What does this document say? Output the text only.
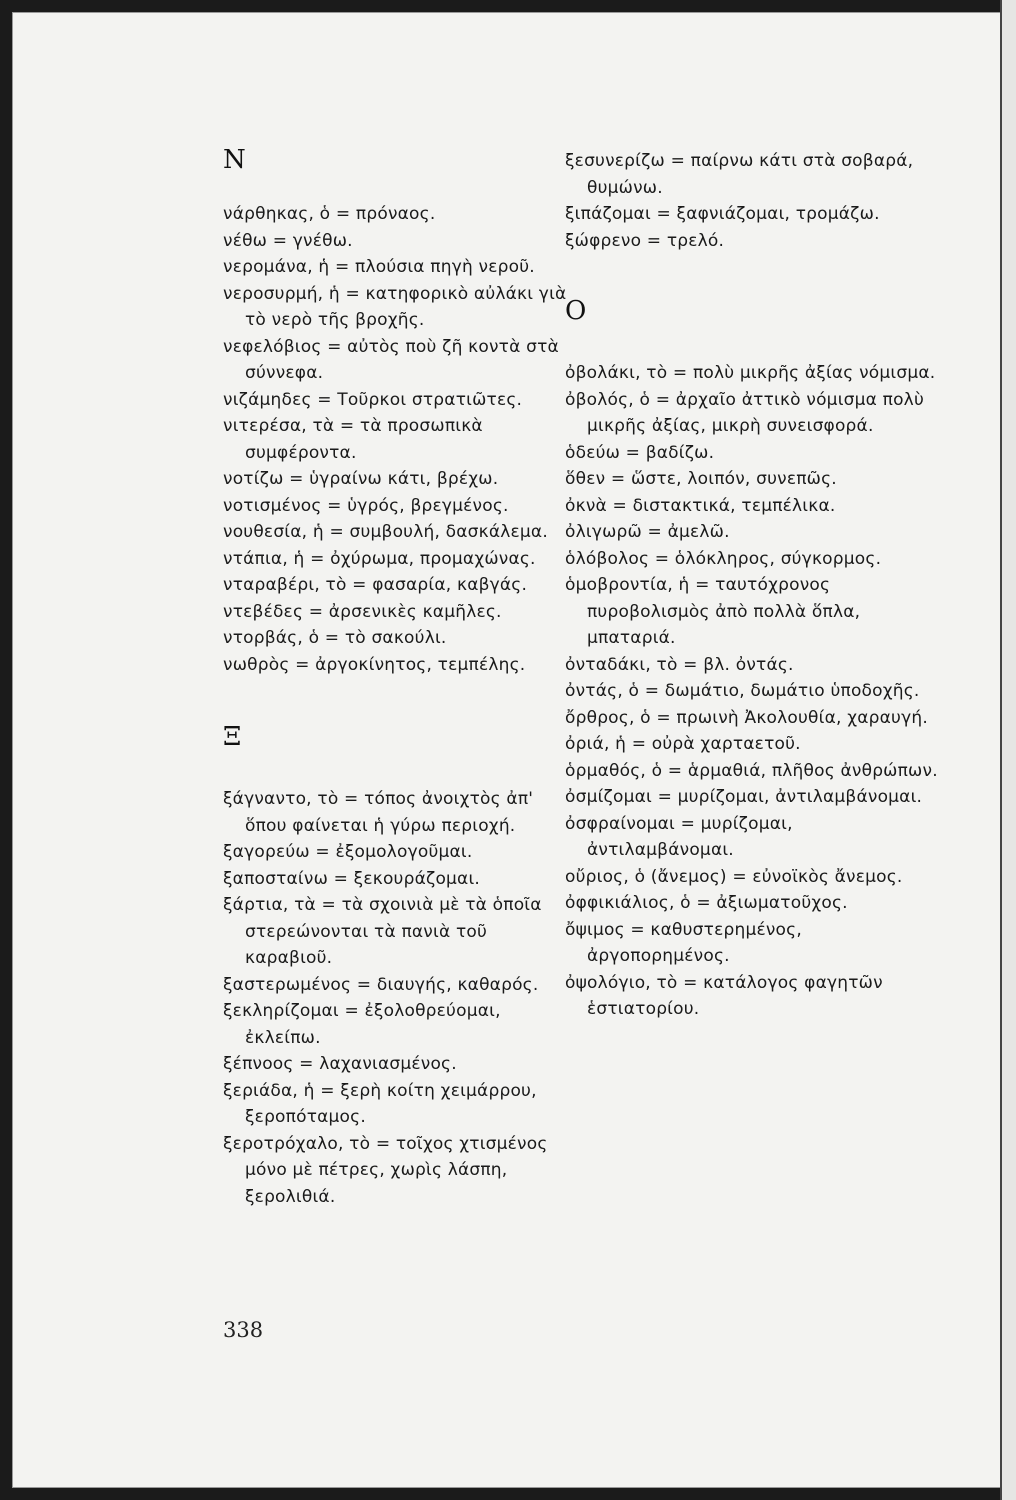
Ν
νάρθηκας, ὁ = πρόναος.
νέθω = γνέθω.
νερομάνα, ἡ = πλούσια πηγὴ νεροῦ.
νεροσυρμή, ἡ = κατηφορικὸ αὐλάκι γιὰ τὸ νερὸ τῆς βροχῆς.
νεφελόβιος = αὐτὸς ποὺ ζῆ κοντὰ στὰ σύννεφα.
νιζάμηδες = Τοῦρκοι στρατιῶτες.
νιτερέσα, τὰ = τὰ προσωπικὰ συμφέροντα.
νοτίζω = ὑγραίνω κάτι, βρέχω.
νοτισμένος = ὑγρός, βρεγμένος.
νουθεσία, ἡ = συμβουλή, δασκάλεμα.
ντάπια, ἡ = ὀχύρωμα, προμαχώνας.
νταραβέρι, τὸ = φασαρία, καβγάς.
ντεβέδες = ἀρσενικὲς καμῆλες.
ντορβάς, ὁ = τὸ σακούλι.
νωθρὸς = ἀργοκίνητος, τεμπέλης.
Ξ
ξάγναντο, τὸ = τόπος ἀνοιχτὸς ἀπ' ὅπου φαίνεται ἡ γύρω περιοχή.
ξαγορεύω = ἐξομολογοῦμαι.
ξαποσταίνω = ξεκουράζομαι.
ξάρτια, τὰ = τὰ σχοινιὰ μὲ τὰ ὁποῖα στερεώνονται τὰ πανιὰ τοῦ καραβιοῦ.
ξαστερωμένος = διαυγής, καθαρός.
ξεκληρίζομαι = ἐξολοθρεύομαι, ἐκλείπω.
ξέπνοος = λαχανιασμένος.
ξεριάδα, ἡ = ξερὴ κοίτη χειμάρρου, ξεροπόταμος.
ξεροτρόχαλο, τὸ = τοῖχος χτισμένος μόνο μὲ πέτρες, χωρὶς λάσπη, ξερολιθιά.
ξεσυνερίζω = παίρνω κάτι στὰ σοβαρά, θυμώνω.
ξιπάζομαι = ξαφνιάζομαι, τρομάζω.
ξώφρενο = τρελό.
Ο
ὀβολάκι, τὸ = πολὺ μικρῆς ἀξίας νόμισμα.
ὀβολός, ὁ = ἀρχαῖο ἀττικὸ νόμισμα πολὺ μικρῆς ἀξίας, μικρὴ συνεισφορά.
ὁδεύω = βαδίζω.
ὅθεν = ὥστε, λοιπόν, συνεπῶς.
ὀκνὰ = διστακτικά, τεμπέλικα.
ὀλιγωρῶ = ἀμελῶ.
ὁλόβολος = ὁλόκληρος, σύγκορμος.
ὁμοβροντία, ἡ = ταυτόχρονος πυροβολισμὸς ἀπὸ πολλὰ ὅπλα, μπαταριά.
ὀνταδάκι, τὸ = βλ. ὀντάς.
ὀντάς, ὁ = δωμάτιο, δωμάτιο ὑποδοχῆς.
ὄρθρος, ὁ = πρωινὴ Ἀκολουθία, χαραυγή.
ὀριά, ἡ = οὐρὰ χαρταετοῦ.
ὁρμαθός, ὁ = ἁρμαθιά, πλῆθος ἀνθρώπων.
ὀσμίζομαι = μυρίζομαι, ἀντιλαμβάνομαι.
ὀσφραίνομαι = μυρίζομαι, ἀντιλαμβάνομαι.
οὔριος, ὁ (ἄνεμος) = εὐνοϊκὸς ἄνεμος.
ὀφφικιάλιος, ὁ = ἀξιωματοῦχος.
ὄψιμος = καθυστερημένος, ἀργοπορημένος.
ὀψολόγιο, τὸ = κατάλογος φαγητῶν ἑστιατορίου.
338
